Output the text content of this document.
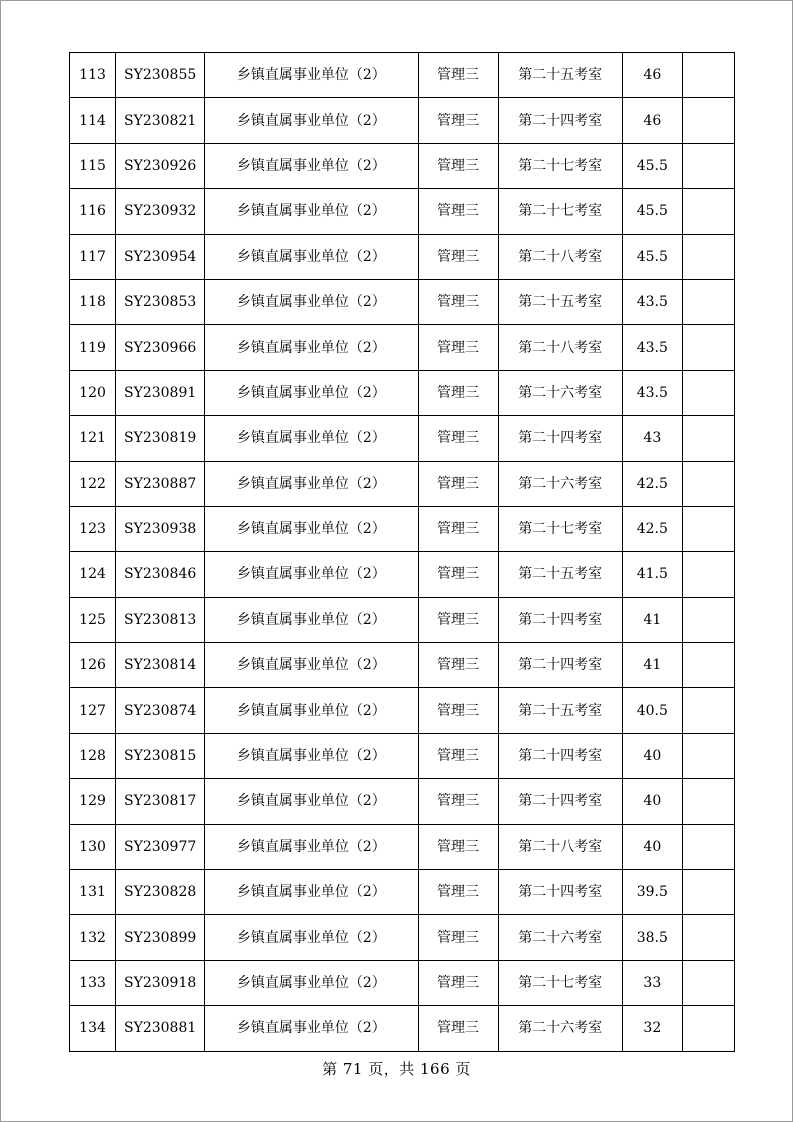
113	SY230855	乡镇直属事业单位（2）	管理三	第二十五考室	46	
114	SY230821	乡镇直属事业单位（2）	管理三	第二十四考室	46	
115	SY230926	乡镇直属事业单位（2）	管理三	第二十七考室	45.5	
116	SY230932	乡镇直属事业单位（2）	管理三	第二十七考室	45.5	
117	SY230954	乡镇直属事业单位（2）	管理三	第二十八考室	45.5	
118	SY230853	乡镇直属事业单位（2）	管理三	第二十五考室	43.5	
119	SY230966	乡镇直属事业单位（2）	管理三	第二十八考室	43.5	
120	SY230891	乡镇直属事业单位（2）	管理三	第二十六考室	43.5	
121	SY230819	乡镇直属事业单位（2）	管理三	第二十四考室	43	
122	SY230887	乡镇直属事业单位（2）	管理三	第二十六考室	42.5	
123	SY230938	乡镇直属事业单位（2）	管理三	第二十七考室	42.5	
124	SY230846	乡镇直属事业单位（2）	管理三	第二十五考室	41.5	
125	SY230813	乡镇直属事业单位（2）	管理三	第二十四考室	41	
126	SY230814	乡镇直属事业单位（2）	管理三	第二十四考室	41	
127	SY230874	乡镇直属事业单位（2）	管理三	第二十五考室	40.5	
128	SY230815	乡镇直属事业单位（2）	管理三	第二十四考室	40	
129	SY230817	乡镇直属事业单位（2）	管理三	第二十四考室	40	
130	SY230977	乡镇直属事业单位（2）	管理三	第二十八考室	40	
131	SY230828	乡镇直属事业单位（2）	管理三	第二十四考室	39.5	
132	SY230899	乡镇直属事业单位（2）	管理三	第二十六考室	38.5	
133	SY230918	乡镇直属事业单位（2）	管理三	第二十七考室	33	
134	SY230881	乡镇直属事业单位（2）	管理三	第二十六考室	32	
第 71 页，共 166 页
